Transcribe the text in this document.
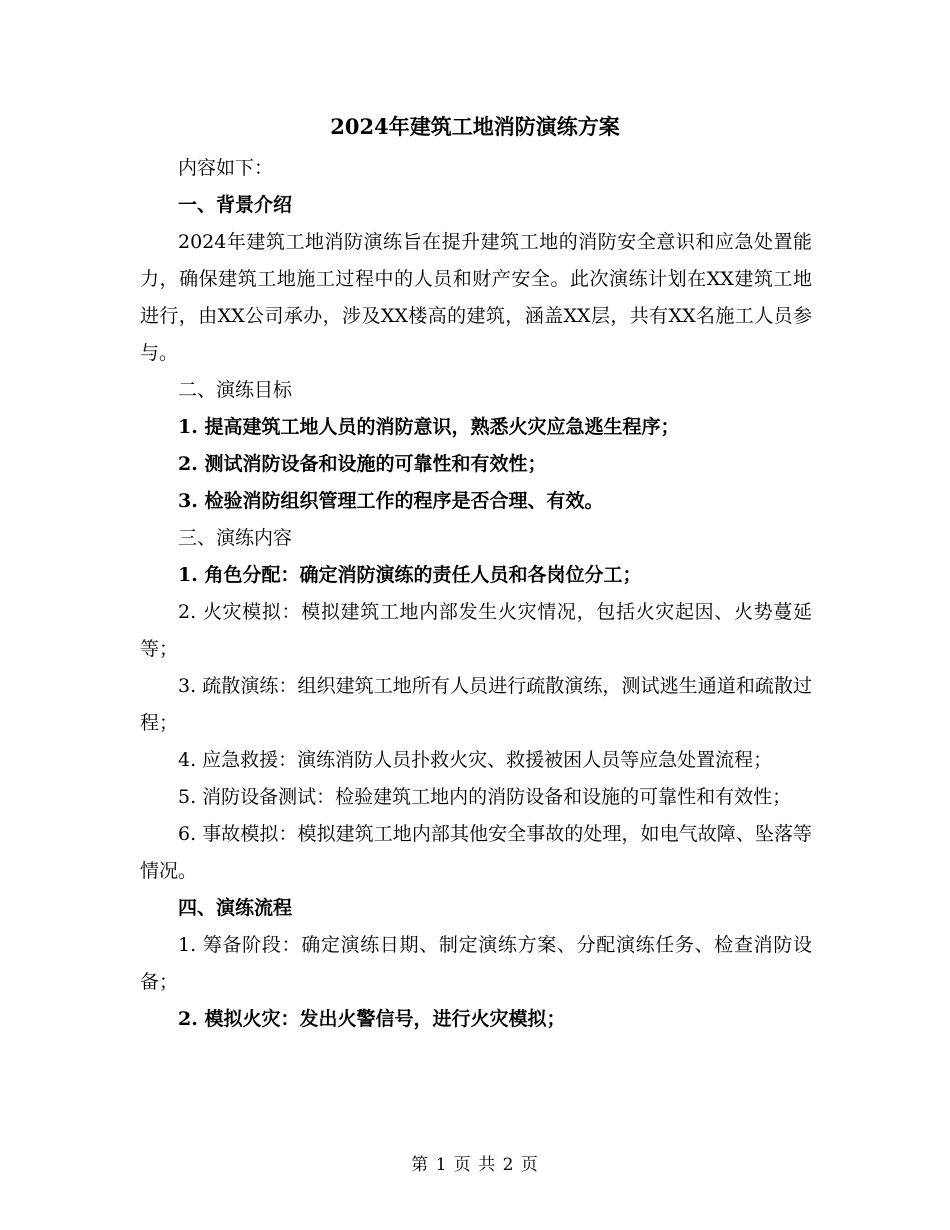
2024年建筑工地消防演练方案

内容如下：

一、背景介绍

2024年建筑工地消防演练旨在提升建筑工地的消防安全意识和应急处置能力，确保建筑工地施工过程中的人员和财产安全。此次演练计划在XX建筑工地进行，由XX公司承办，涉及XX楼高的建筑，涵盖XX层，共有XX名施工人员参与。

二、演练目标

1. 提高建筑工地人员的消防意识，熟悉火灾应急逃生程序；

2. 测试消防设备和设施的可靠性和有效性；

3. 检验消防组织管理工作的程序是否合理、有效。

三、演练内容

1. 角色分配：确定消防演练的责任人员和各岗位分工；

2. 火灾模拟：模拟建筑工地内部发生火灾情况，包括火灾起因、火势蔓延等；

3. 疏散演练：组织建筑工地所有人员进行疏散演练，测试逃生通道和疏散过程；

4. 应急救援：演练消防人员扑救火灾、救援被困人员等应急处置流程；

5. 消防设备测试：检验建筑工地内的消防设备和设施的可靠性和有效性；

6. 事故模拟：模拟建筑工地内部其他安全事故的处理，如电气故障、坠落等情况。

四、演练流程

1. 筹备阶段：确定演练日期、制定演练方案、分配演练任务、检查消防设备；

2. 模拟火灾：发出火警信号，进行火灾模拟；

第 1 页 共 2 页
